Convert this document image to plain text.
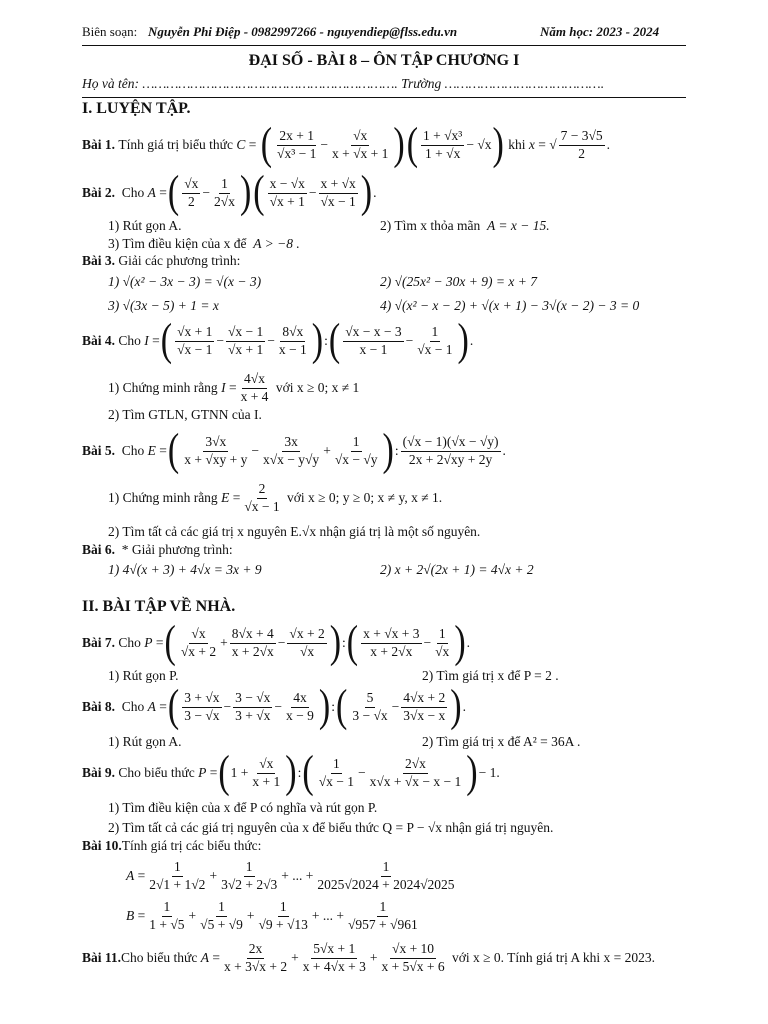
Biên soạn: Nguyễn Phi Điệp - 0982997266 - nguyendiep@flss.edu.vn	Năm học: 2023 - 2024
ĐẠI SỐ - BÀI 8 – ÔN TẬP CHƯƠNG I
Họ và tên: ………………………………………………………. Trường ………………………………….
I. LUYỆN TẬP.
Bài 1.
Tính giá trị biểu thức
C = ( $\frac{2x + 1}{\text{√x³ − 1}} - \frac{√x}{x + √x + 1}$ ) ( $\frac{\text{1 + √x³}}{1 + √x} - √x$ )
khi
x = √ $\frac{7 - 3√5}{2}$ .
Bài 2.
Cho
A = ( $\frac{√x}{2} - \frac{1}{2√x}$ ) ( $\frac{x - √x}{√x + 1} - \frac{x + √x}{√x - 1}$ ) .
1) Rút gọn A.	2) Tìm x thỏa mãn A = x − 15.
3) Tìm điều kiện của x để A > −8 .
Bài 3. Giải các phương trình:
1) √(x² − 3x − 3) = √(x − 3)	2) √(25x² − 30x + 9) = x + 7
3) √(3x − 5) + 1 = x	4) √(x² − x − 2) + √(x + 1) − 3√(x − 2) − 3 = 0
Bài 4.
Cho
I = ( $\frac{√x + 1}{√x - 1} - \frac{√x - 1}{√x + 1} - \frac{8√x}{x - 1}$ ) : ( $\frac{√x - x - 3}{x - 1} - \frac{1}{√x - 1}$ ) .
1) Chứng minh rằng
$I = \frac{4√x}{x + 4}$
với x ≥ 0; x ≠ 1
2) Tìm GTLN, GTNN của I.
Bài 5.
Cho
E = ( $\frac{3√x}{x + √xy + y} - \frac{3x}{x√x - y√y} + \frac{1}{√x - √y}$ ) : $\frac{(√x - 1)(√x - √y)}{2x + 2√xy + 2y}$ .
1) Chứng minh rằng
$E = \frac{2}{√x - 1}$
với x ≥ 0; y ≥ 0; x ≠ y, x ≠ 1.
2) Tìm tất cả các giá trị x nguyên E.√x nhận giá trị là một số nguyên.
Bài 6. * Giải phương trình:
1) 4√(x + 3) + 4√x = 3x + 9	2) x + 2√(2x + 1) = 4√x + 2
II. BÀI TẬP VỀ NHÀ.
Bài 7.
Cho
P = ( $\frac{√x}{√x + 2} + \frac{8√x + 4}{x + 2√x} - \frac{√x + 2}{√x}$ ) : ( $\frac{x + √x + 3}{x + 2√x} - \frac{1}{√x}$ ) .
1) Rút gọn P.	2) Tìm giá trị x để P = 2 .
Bài 8.
Cho
A = ( $\frac{3 + √x}{3 - √x} - \frac{3 - √x}{3 + √x} - \frac{4x}{x - 9}$ ) : ( $\frac{5}{3 - √x} - \frac{4√x + 2}{3√x - x}$ ) .
1) Rút gọn A.	2) Tìm giá trị x để A² = 36A .
Bài 9.
Cho biểu thức
P = ( $1 + \frac{√x}{x + 1}$ ) : ( $\frac{1}{√x - 1} - \frac{2√x}{x√x + √x - x - 1}$ ) − 1.
1) Tìm điều kiện của x để P có nghĩa và rút gọn P.
2) Tìm tất cả các giá trị nguyên của x để biểu thức Q = P − √x nhận giá trị nguyên.
Bài 10.Tính giá trị các biểu thức:
$A = \frac{1}{2√1 + 1√2} + \frac{1}{3√2 + 2√3}$ + ... + $\frac{1}{2025√2024 + 2024√2025}$
$B = \frac{1}{1 + √5} + \frac{1}{√5 + √9} + \frac{1}{√9 + √13}$ + ... + $\frac{1}{√957 + √961}$
Bài 11. Cho biểu thức
$A = \frac{2x}{x + 3√x + 2} + \frac{5√x + 1}{x + 4√x + 3} + \frac{√x + 10}{x + 5√x + 6}$
với x ≥ 0. Tính giá trị A khi x = 2023.
